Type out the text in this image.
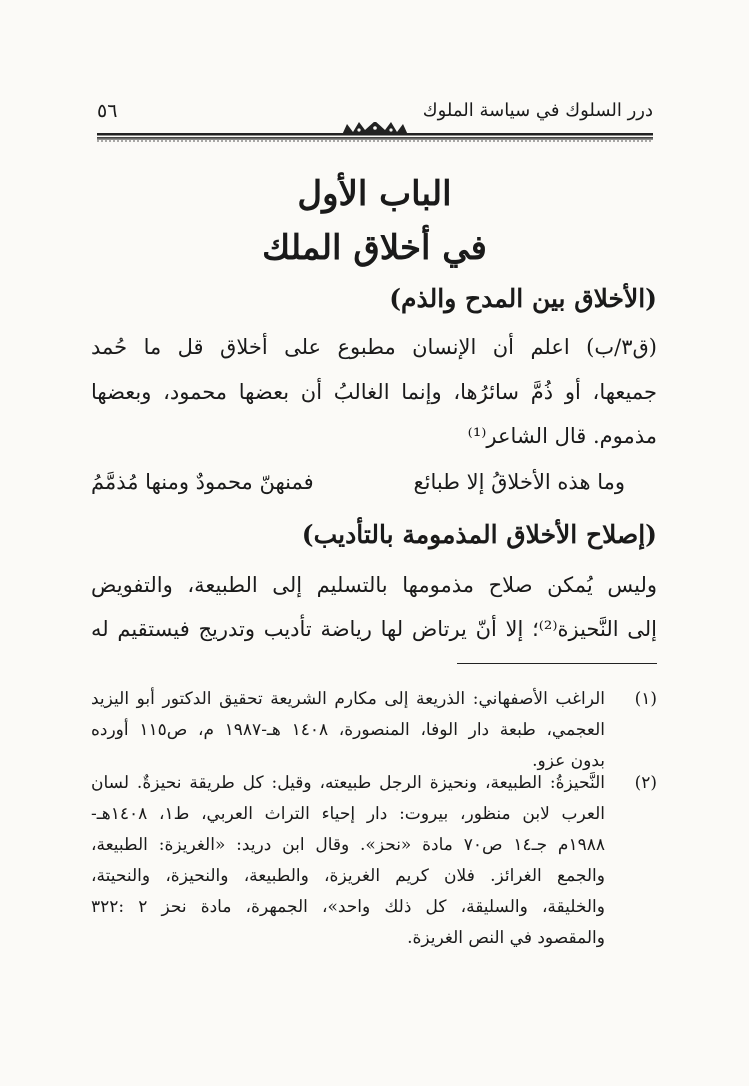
درر السلوك في سياسة الملوك
٥٦
الباب الأول
في أخلاق الملك
(الأخلاق بين المدح والذم)
(ق٣/ب) اعلم أن الإنسان مطبوع على أخلاق قل ما حُمد
جميعها، أو ذُمَّ سائرُها، وإنما الغالبُ أن بعضها محمود، وبعضها
مذموم. قال الشاعر⁽¹⁾
وما هذه الأخلاقُ إلا طبائع
فمنهنّ محمودٌ ومنها مُذمَّمُ
(إصلاح الأخلاق المذمومة بالتأديب)
وليس يُمكن صلاح مذمومها بالتسليم إلى الطبيعة، والتفويض
إلى النَّحيزة⁽²⁾؛ إلا أنّ يرتاض لها رياضة تأديب وتدريج فيستقيم له
(١)
الراغب الأصفهاني: الذريعة إلى مكارم الشريعة تحقيق الدكتور أبو اليزيد
العجمي، طبعة دار الوفا، المنصورة، ١٤٠٨ هـ-١٩٨٧ م، ص١١٥ أورده
بدون عزو.
(٢)
النَّحيزةُ: الطبيعة، ونحيزة الرجل طبيعته، وقيل: كل طريقة نحيزةٌ. لسان
العرب لابن منظور، بيروت: دار إحياء التراث العربي، ط١، ١٤٠٨هـ-
١٩٨٨م جـ١٤ ص٧٠ مادة «نحز». وقال ابن دريد: «الغريزة: الطبيعة،
والجمع الغرائز. فلان كريم الغريزة، والطبيعة، والنحيزة، والنحيتة،
والخليقة، والسليقة، كل ذلك واحد»، الجمهرة، مادة نحز ٢ :٣٢٢
والمقصود في النص الغريزة.
